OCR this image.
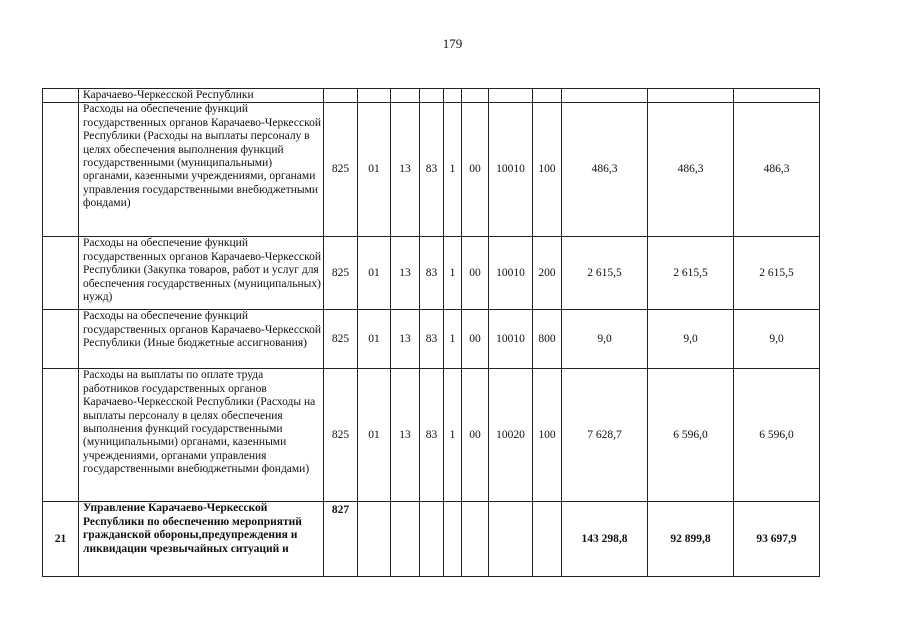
179
	Карачаево-Черкесской Республики											
	Расходы на обеспечение функций государственных органов Карачаево-Черкесской Республики (Расходы на выплаты персоналу в целях обеспечения выполнения функций государственными (муниципальными) органами, казенными учреждениями, органами управления государственными внебюджетными фондами)	825	01	13	83	1	00	10010	100	486,3	486,3	486,3
	Расходы на обеспечение функций государственных органов Карачаево-Черкесской Республики (Закупка товаров, работ и услуг для обеспечения государственных (муниципальных) нужд)	825	01	13	83	1	00	10010	200	2 615,5	2 615,5	2 615,5
	Расходы на обеспечение функций государственных органов Карачаево-Черкесской Республики (Иные бюджетные ассигнования)	825	01	13	83	1	00	10010	800	9,0	9,0	9,0
	Расходы на выплаты по оплате труда работников государственных органов Карачаево-Черкесской Республики (Расходы на выплаты персоналу в целях обеспечения выполнения функций государственными (муниципальными) органами, казенными учреждениями, органами управления государственными внебюджетными фондами)	825	01	13	83	1	00	10020	100	7 628,7	6 596,0	6 596,0
21	Управление Карачаево-Черкесской Республики по обеспечению мероприятий гражданской обороны,предупреждения и ликвидации чрезвычайных ситуаций и	827								143 298,8	92 899,8	93 697,9
